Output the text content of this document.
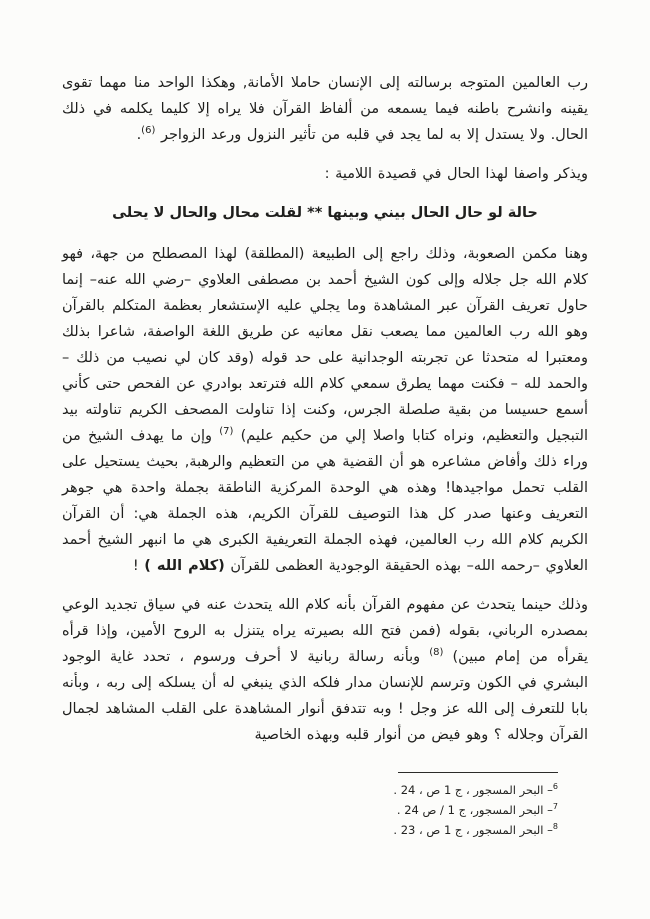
رب العالمين المتوجه برسالته إلى الإنسان حاملا الأمانة, وهكذا الواحد منا مهما تقوى يقينه وانشرح باطنه فيما يسمعه من ألفاظ القرآن فلا يراه إلا كليما يكلمه في ذلك الحال. ولا يستدل إلا به لما يجد في قلبه من تأثير النزول ورعد الزواجر $^{(6)}$.

ويذكر واصفا لهذا الحال في قصيدة اللامية :

حالة لو حال الحال بيني وبينها ** لقلت محال والحال لا يحلى

وهنا مكمن الصعوبة، وذلك راجع إلى الطبيعة (المطلقة) لهذا المصطلح من جهة، فهو كلام الله جل جلاله وإلى كون الشيخ أحمد بن مصطفى العلاوي –رضي الله عنه– إنما حاول تعريف القرآن عبر المشاهدة وما يجلي عليه الإستشعار بعظمة المتكلم بالقرآن وهو الله رب العالمين مما يصعب نقل معانيه عن طريق اللغة الواصفة، شاعرا بذلك ومعتبرا له متحدثا عن تجربته الوجدانية على حد قوله (وقد كان لي نصيب من ذلك – والحمد لله – فكنت مهما يطرق سمعي كلام الله فترتعد بوادري عن الفحص حتى كأني أسمع حسيسا من بقية صلصلة الجرس، وكنت إذا تناولت المصحف الكريم تناولته بيد التبجيل والتعظيم، ونراه كتابا واصلا إلي من حكيم عليم) $^{(7)}$ وإن ما يهدف الشيخ من وراء ذلك وأفاض مشاعره هو أن القضية هي من التعظيم والرهبة, بحيث يستحيل على القلب تحمل مواجيدها! وهذه هي الوحدة المركزية الناطقة بجملة واحدة هي جوهر التعريف وعنها صدر كل هذا التوصيف للقرآن الكريم، هذه الجملة هي: أن القرآن الكريم كلام الله رب العالمين، فهذه الجملة التعريفية الكبرى هي ما انبهر الشيخ أحمد العلاوي –رحمه الله– بهذه الحقيقة الوجودية العظمى للقرآن (كلام الله ) !

وذلك حينما يتحدث عن مفهوم القرآن بأنه كلام الله يتحدث عنه في سياق تجديد الوعي بمصدره الرباني، بقوله (فمن فتح الله بصيرته يراه يتنزل به الروح الأمين، وإذا قرأه يقرأه من إمام مبين) $^{(8)}$ وبأنه رسالة ربانية لا أحرف ورسوم ، تحدد غاية الوجود البشري في الكون وترسم للإنسان مدار فلكه الذي ينبغي له أن يسلكه إلى ربه ، وبأنه بابا للتعرف إلى الله عز وجل ! وبه تتدفق أنوار المشاهدة على القلب المشاهد لجمال القرآن وجلاله ؟ وهو فيض من أنوار قلبه وبهذه الخاصية

$^6$– البحر المسجور ، ج 1 ص ، 24 .
$^7$– البحر المسجور، ج 1 / ص 24 .
$^8$– البحر المسجور ، ج 1 ص ، 23 .
